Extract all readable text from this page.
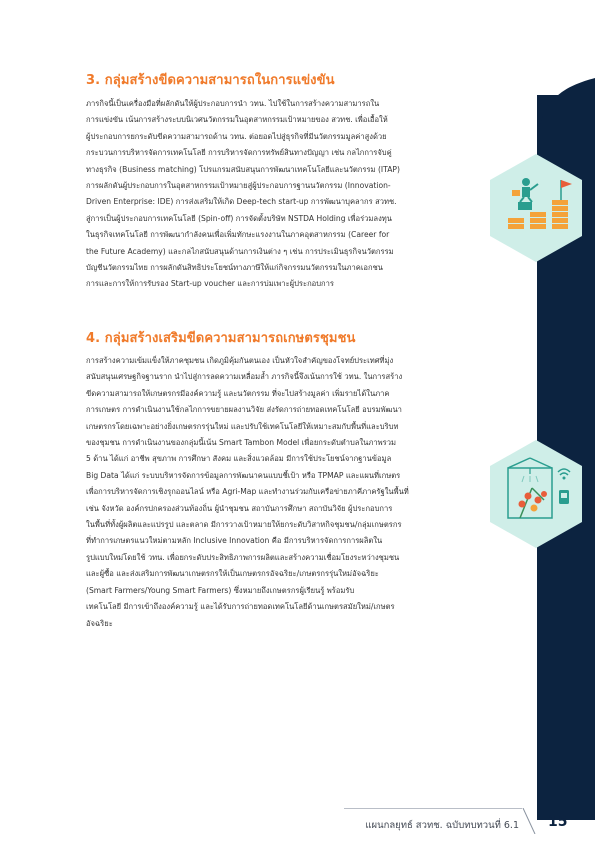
3. กลุ่มสร้างขีดความสามารถในการแข่งขัน
ภารกิจนี้เป็นเครื่องมือที่ผลักดันให้ผู้ประกอบการนำ วทน. ไปใช้ในการสร้างความสามารถใน
การแข่งขัน เน้นการสร้างระบบนิเวศนวัตกรรมในอุตสาหกรรมเป้าหมายของ สวทช. เพื่อเอื้อให้
ผู้ประกอบการยกระดับขีดความสามารถด้าน วทน. ต่อยอดไปสู่ธุรกิจที่มีนวัตกรรมมูลค่าสูงด้วย
กระบวนการบริหารจัดการเทคโนโลยี การบริหารจัดการทรัพย์สินทางปัญญา เช่น กลไกการจับคู่
ทางธุรกิจ (Business matching) โปรแกรมสนับสนุนการพัฒนาเทคโนโลยีและนวัตกรรม (ITAP)
การผลักดันผู้ประกอบการในอุตสาหกรรมเป้าหมายสู่ผู้ประกอบการฐานนวัตกรรม (Innovation-
Driven Enterprise: IDE) การส่งเสริมให้เกิด Deep-tech start-up การพัฒนาบุคลากร สวทช.
สู่การเป็นผู้ประกอบการเทคโนโลยี (Spin-off) การจัดตั้งบริษัท NSTDA Holding เพื่อร่วมลงทุน
ในธุรกิจเทคโนโลยี การพัฒนากำลังคนเพื่อเพิ่มทักษะแรงงานในภาคอุตสาหกรรม (Career for
the Future Academy) และกลไกสนับสนุนด้านการเงินต่าง ๆ เช่น การประเมินธุรกิจนวัตกรรม
บัญชีนวัตกรรมไทย การผลักดันสิทธิประโยชน์ทางภาษีให้แก่กิจกรรมนวัตกรรมในภาคเอกชน
การและการให้การรับรอง Start-up voucher และการบ่มเพาะผู้ประกอบการ
4. กลุ่มสร้างเสริมขีดความสามารถเกษตรชุมชน
การสร้างความเข้มแข็งให้ภาคชุมชน เกิดภูมิคุ้มกันตนเอง เป็นหัวใจสำคัญของโจทย์ประเทศที่มุ่ง
สนับสนุนเศรษฐกิจฐานราก นำไปสู่การลดความเหลื่อมล้ำ ภารกิจนี้จึงเน้นการใช้ วทน. ในการสร้าง
ขีดความสามารถให้เกษตรกรมีองค์ความรู้ และนวัตกรรม ที่จะไปสร้างมูลค่า เพิ่มรายได้ในภาค
การเกษตร การดำเนินงานใช้กลไกการขยายผลงานวิจัย ส่งรัดการถ่ายทอดเทคโนโลยี อบรมพัฒนา
เกษตรกรโดยเฉพาะอย่างยิ่งเกษตรกรรุ่นใหม่ และปรับใช้เทคโนโลยีให้เหมาะสมกับพื้นที่และบริบท
ของชุมชน การดำเนินงานของกลุ่มนี้เน้น Smart Tambon Model เพื่อยกระดับตำบลในภาพรวม
5 ด้าน ได้แก่ อาชีพ สุขภาพ การศึกษา สังคม และสิ่งแวดล้อม มีการใช้ประโยชน์จากฐานข้อมูล
Big Data ได้แก่ ระบบบริหารจัดการข้อมูลการพัฒนาคนแบบชี้เป้า หรือ TPMAP และแผนที่เกษตร
เพื่อการบริหารจัดการเชิงรุกออนไลน์ หรือ Agri-Map และทำงานร่วมกับเครือข่ายภาคีภาครัฐในพื้นที่
เช่น จังหวัด องค์กรปกครองส่วนท้องถิ่น ผู้นำชุมชน สถาบันการศึกษา สถาบันวิจัย ผู้ประกอบการ
ในพื้นที่ทั้งผู้ผลิตและแปรรูป และตลาด มีการวางเป้าหมายให้ยกระดับวิสาหกิจชุมชน/กลุ่มเกษตรกร
ที่ทำการเกษตรแนวใหม่ตามหลัก Inclusive Innovation คือ มีการบริหารจัดการการผลิตใน
รูปแบบใหม่โดยใช้ วทน. เพื่อยกระดับประสิทธิภาพการผลิตและสร้างความเชื่อมโยงระหว่างชุมชน
และผู้ซื้อ และส่งเสริมการพัฒนาเกษตรกรให้เป็นเกษตรกรอัจฉริยะ/เกษตรกรรุ่นใหม่อัจฉริยะ
(Smart Farmers/Young Smart Farmers) ซึ่งหมายถึงเกษตรกรผู้เรียนรู้ พร้อมรับ
เทคโนโลยี มีการเข้าถึงองค์ความรู้ และได้รับการถ่ายทอดเทคโนโลยีด้านเกษตรสมัยใหม่/เกษตร
อัจฉริยะ
แผนกลยุทธ์ สวทช. ฉบับทบทวนที่ 6.1 15
